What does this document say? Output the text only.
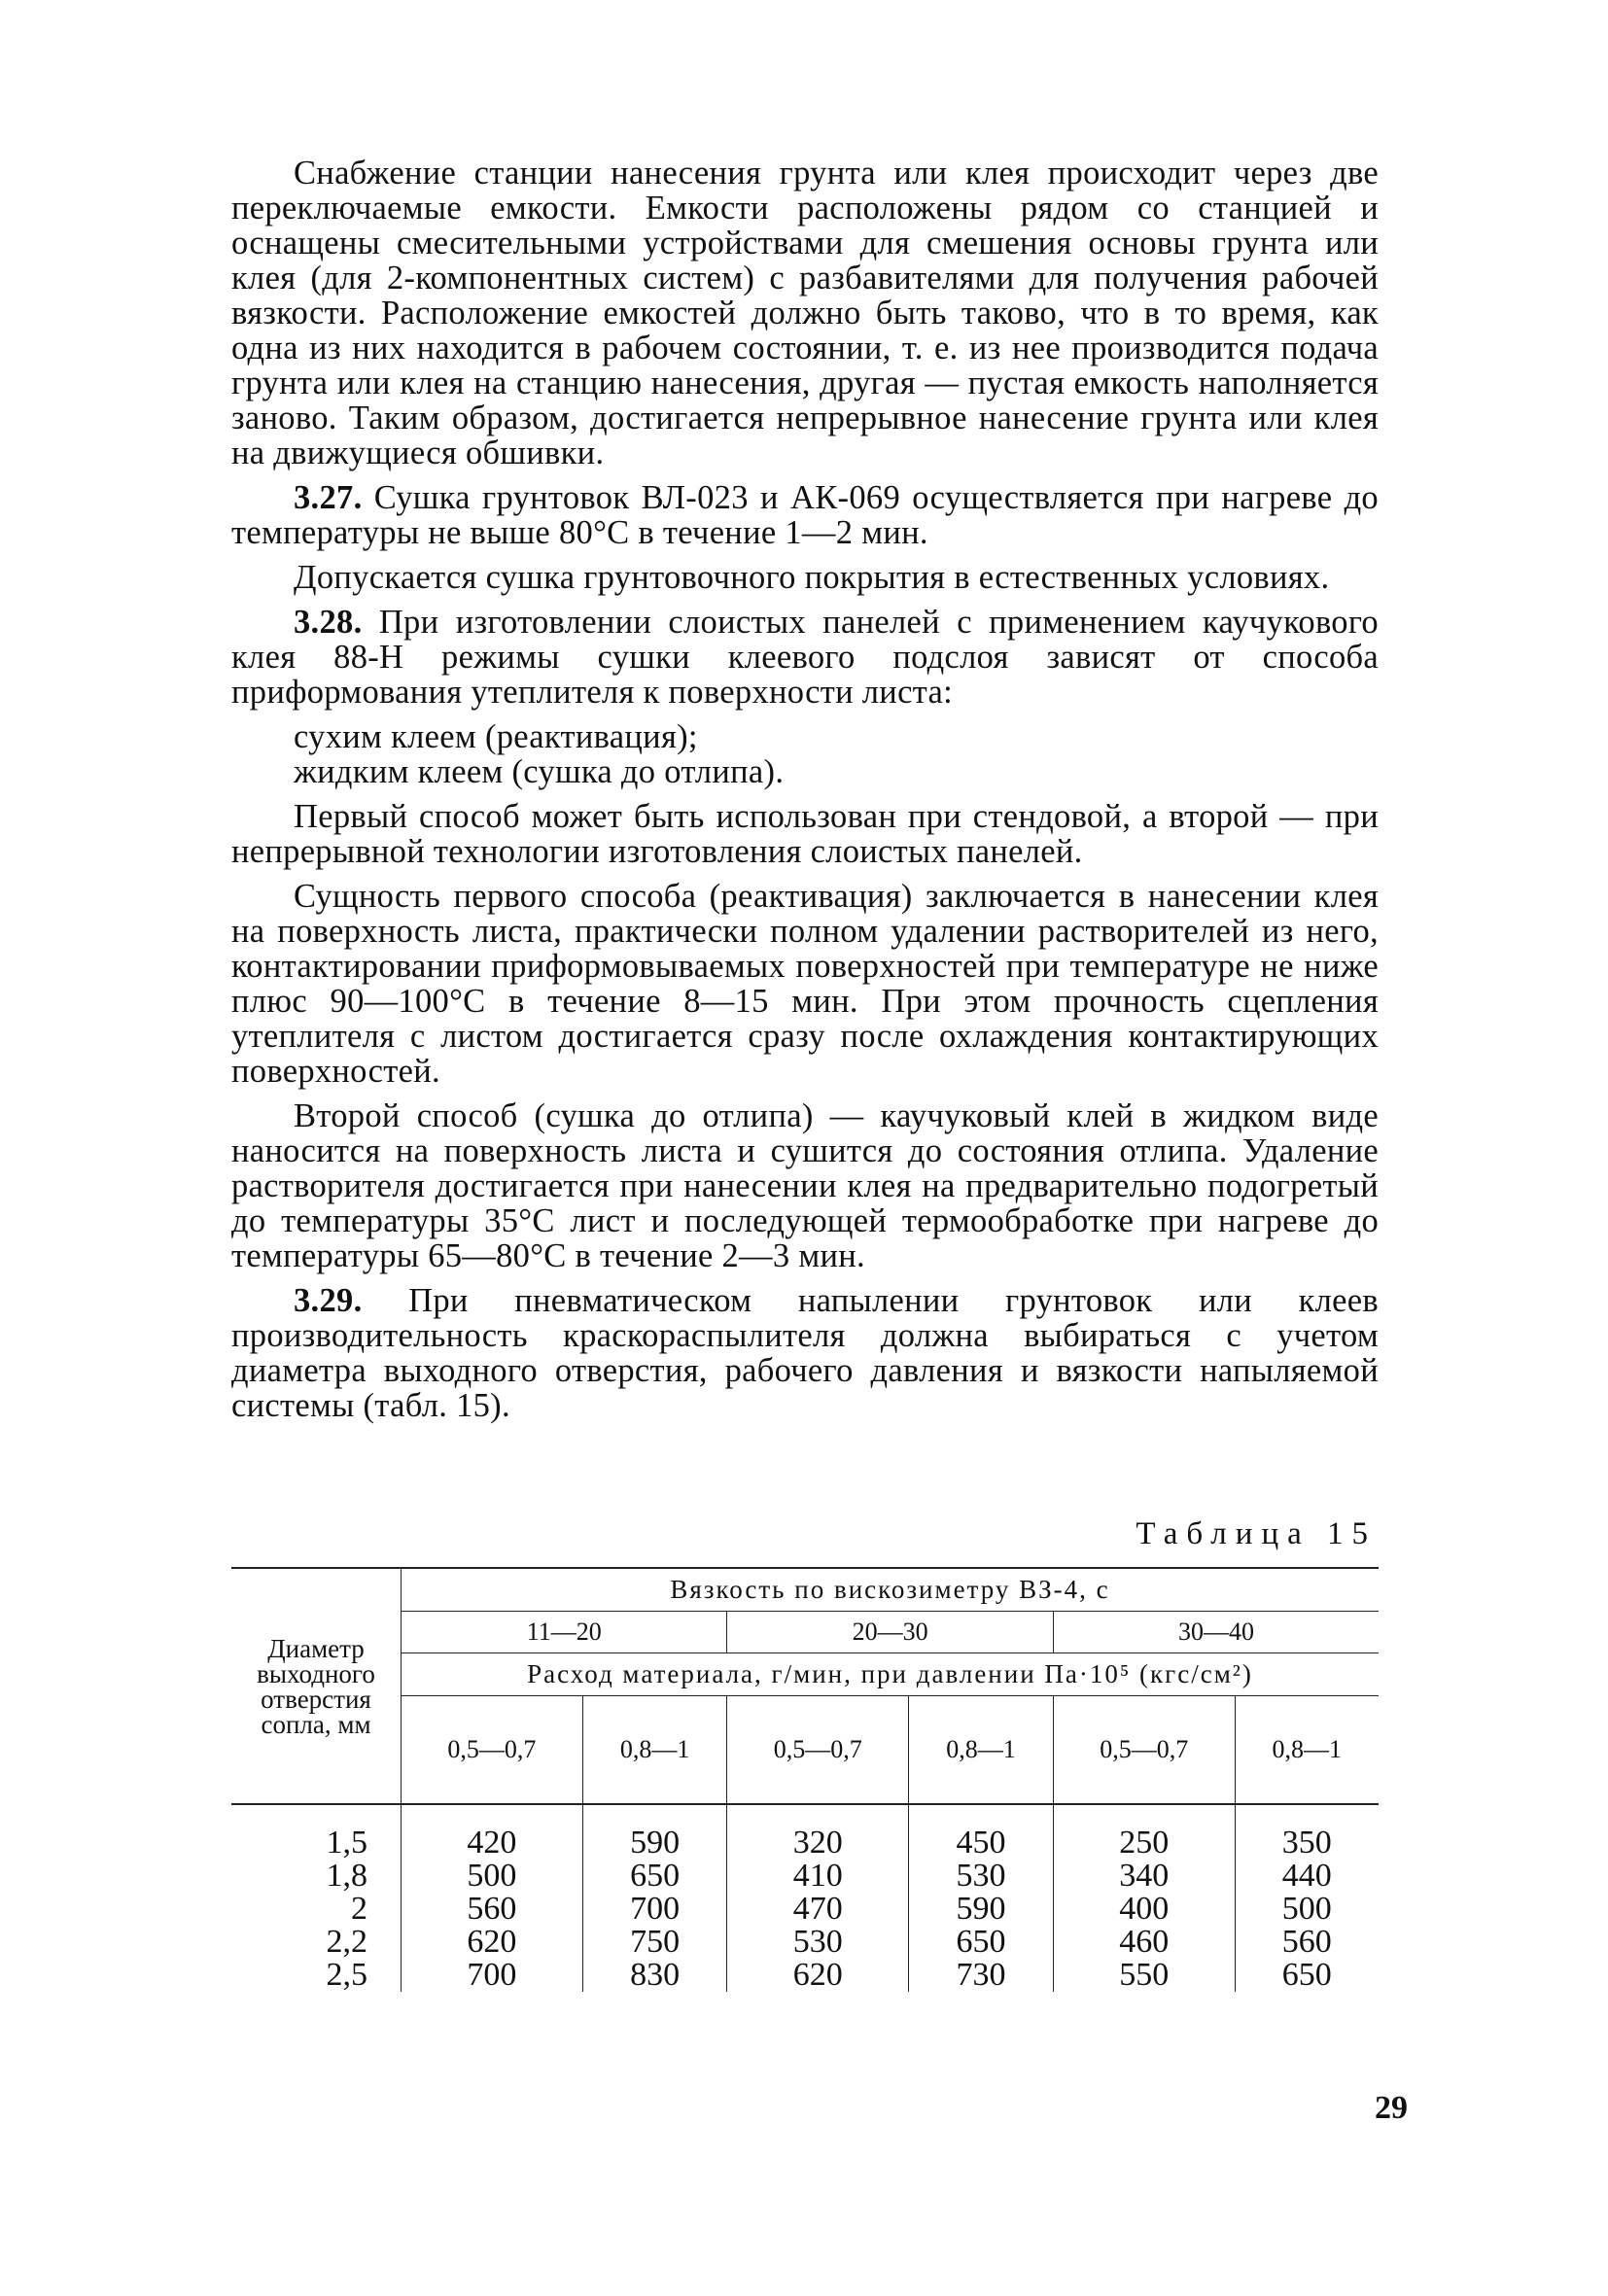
Снабжение станции нанесения грунта или клея происходит через две переключаемые емкости. Емкости расположены рядом со станцией и оснащены смесительными устройствами для смешения основы грунта или клея (для 2-компонентных систем) с разбавителями для получения рабочей вязкости. Расположение емкостей должно быть таково, что в то время, как одна из них находится в рабочем состоянии, т. е. из нее производится подача грунта или клея на станцию нанесения, другая — пустая емкость наполняется заново. Таким образом, достигается непрерывное нанесение грунта или клея на движущиеся обшивки.

3.27. Сушка грунтовок ВЛ-023 и АК-069 осуществляется при нагреве до температуры не выше 80°С в течение 1—2 мин.

Допускается сушка грунтовочного покрытия в естественных условиях.

3.28. При изготовлении слоистых панелей с применением каучукового клея 88-Н режимы сушки клеевого подслоя зависят от способа приформования утеплителя к поверхности листа:

сухим клеем (реактивация);

жидким клеем (сушка до отлипа).

Первый способ может быть использован при стендовой, а второй — при непрерывной технологии изготовления слоистых панелей.

Сущность первого способа (реактивация) заключается в нанесении клея на поверхность листа, практически полном удалении растворителей из него, контактировании приформовываемых поверхностей при температуре не ниже плюс 90—100°С в течение 8—15 мин. При этом прочность сцепления утеплителя с листом достигается сразу после охлаждения контактирующих поверхностей.

Второй способ (сушка до отлипа) — каучуковый клей в жидком виде наносится на поверхность листа и сушится до состояния отлипа. Удаление растворителя достигается при нанесении клея на предварительно подогретый до температуры 35°С лист и последующей термообработке при нагреве до температуры 65—80°С в течение 2—3 мин.

3.29. При пневматическом напылении грунтовок или клеев производительность краскораспылителя должна выбираться с учетом диаметра выходного отверстия, рабочего давления и вязкости напыляемой системы (табл. 15).

Таблица 15
Диаметр выходного отверстия сопла, мм	Вязкость по вискозиметру ВЗ-4, с					
	11—20		20—30		30—40	
	Расход материала, г/мин, при давлении Па·10⁵ (кгс/см²)					
	0,5—0,7	0,8—1	0,5—0,7	0,8—1	0,5—0,7	0,8—1
1,5	420	590	320	450	250	350
1,8	500	650	410	530	340	440
2	560	700	470	590	400	500
2,2	620	750	530	650	460	560
2,5	700	830	620	730	550	650
29
